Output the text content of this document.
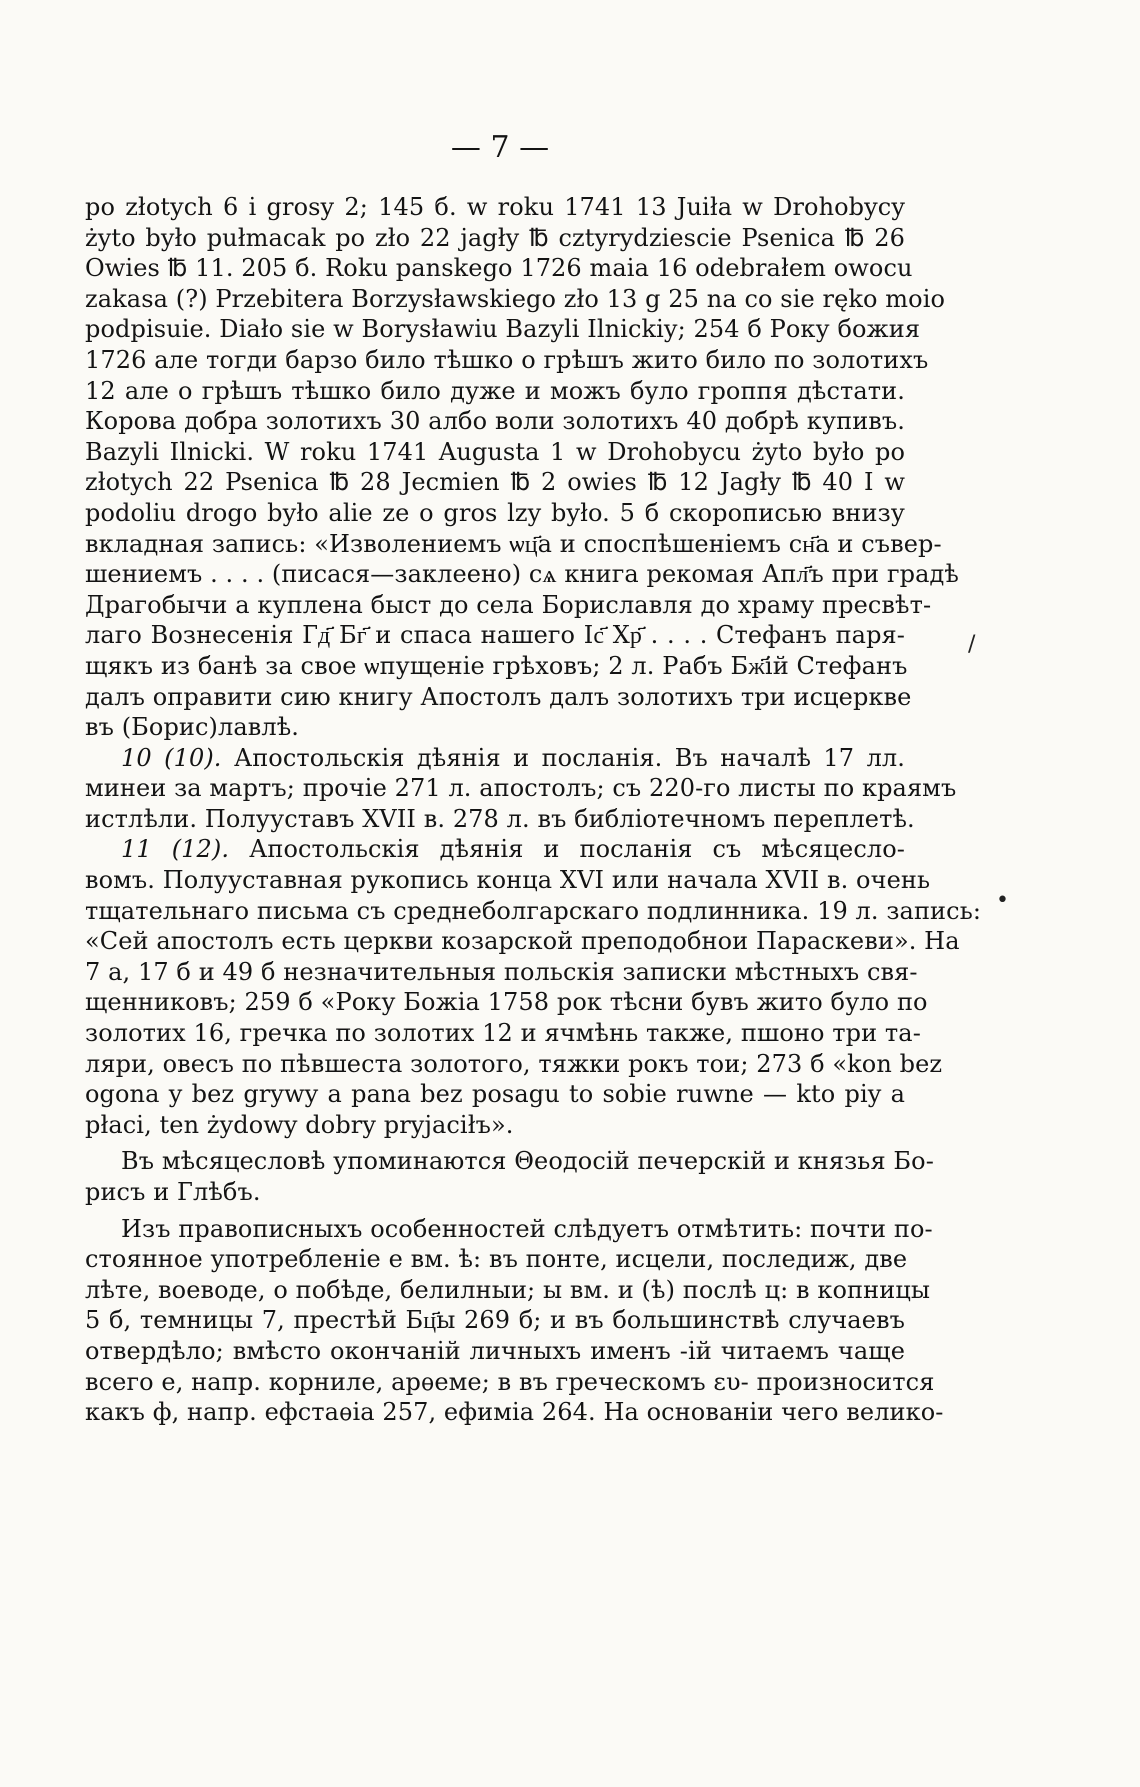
/
•
— 7 —
po złotych 6 i grosy 2; 145 б. w roku 1741 13 Juiła w Drohobycy
żyto było pułmacak po zło 22 jagły ℔ cztyrydziescie Pseniса ℔ 26
Owies ℔ 11. 205 б. Roku panskego 1726 maia 16 odebrałem owocu
zakasa (?) Przebitera Borzysławskiego zło 13 g 25 na co sie ręko moio
podpisuie. Diało sie w Borysławiu Bazyli Ilnickiy; 254 б Року божия
1726 але тогди барзо било тѣшко о грѣшъ жито било по золотихъ
12 але о грѣшъ тѣшко било дуже и можъ було гроппя дѣстати.
Корова добра золотихъ 30 албо воли золотихъ 40 добрѣ купивъ.
Bazyli Ilnicki. W roku 1741 Augusta 1 w Drohobycu żyto było po
złotych 22 Pseniса ℔ 28 Jecmien ℔ 2 owies ℔ 12 Jagły ℔ 40 I w
podoliu drogo było alie ze o gros lzy było. 5 б скорописью внизу
вкладная запись: «Изволениемъ ѡц҃а и споспѣшеніемъ сн҃а и съвер-
шениемъ . . . . (писася—заклеено) сѧ книга рекомая Апл҃ъ при градѣ
Драгобычи а куплена быст до села Бориславля до храму пресвѣт-
лаго Вознесенія Гд҃ Бг҃ и спаса нашего Іс҃ Хр҃ . . . . Стефанъ паря-
щякъ из банѣ за свое ѡпущеніе грѣховъ; 2 л. Рабъ Бж҃ій Стефанъ
далъ оправити сию книгу Апостолъ далъ золотихъ три исцеркве
въ (Борис)лавлѣ.
10 (10). Апостольскія дѣянія и посланія. Въ началѣ 17 лл.
минеи за мартъ; прочіе 271 л. апостолъ; съ 220-го листы по краямъ
истлѣли. Полууставъ XVII в. 278 л. въ библіотечномъ переплетѣ.
11 (12). Апостольскія дѣянія и посланія съ мѣсяцесло-
вомъ. Полууставная рукопись конца XVI или начала XVII в. очень
тщательнаго письма съ среднеболгарскаго подлинника. 19 л. запись:
«Сей апостолъ есть церкви козарской преподобнои Параскеви». На
7 а, 17 б и 49 б незначительныя польскія записки мѣстныхъ свя-
щенниковъ; 259 б «Року Божіа 1758 рок тѣсни бувъ жито було по
золотих 16, гречка по золотих 12 и ячмѣнь также, пшоно три та-
ляри, овесъ по пѣвшеста золотого, тяжки рокъ тои; 273 б «kon bez
ogona y bez grywy a pana bez posagu to sobie ruwne — kto piy a
płaci, ten żydowy dobry pryjaciłъ».
Въ мѣсяцесловѣ упоминаются Θеодосій печерскій и князья Бо-
рисъ и Глѣбъ.
Изъ правописныхъ особенностей слѣдуетъ отмѣтить: почти по-
стоянное употребленіе е вм. ѣ: въ понте, исцели, последиж, две
лѣте, воеводе, о побѣде, белилныи; ы вм. и (ѣ) послѣ ц: в копницы
5 б, темницы 7, престѣй Бц҃ы 269 б; и въ большинствѣ случаевъ
отвердѣло; вмѣсто окончаній личныхъ именъ -ій читаемъ чаще
всего е, напр. корниле, арѳеме; в въ греческомъ ευ- произносится
какъ ф, напр. ефстаѳіа 257, ефимiа 264. На основаніи чего велико-
